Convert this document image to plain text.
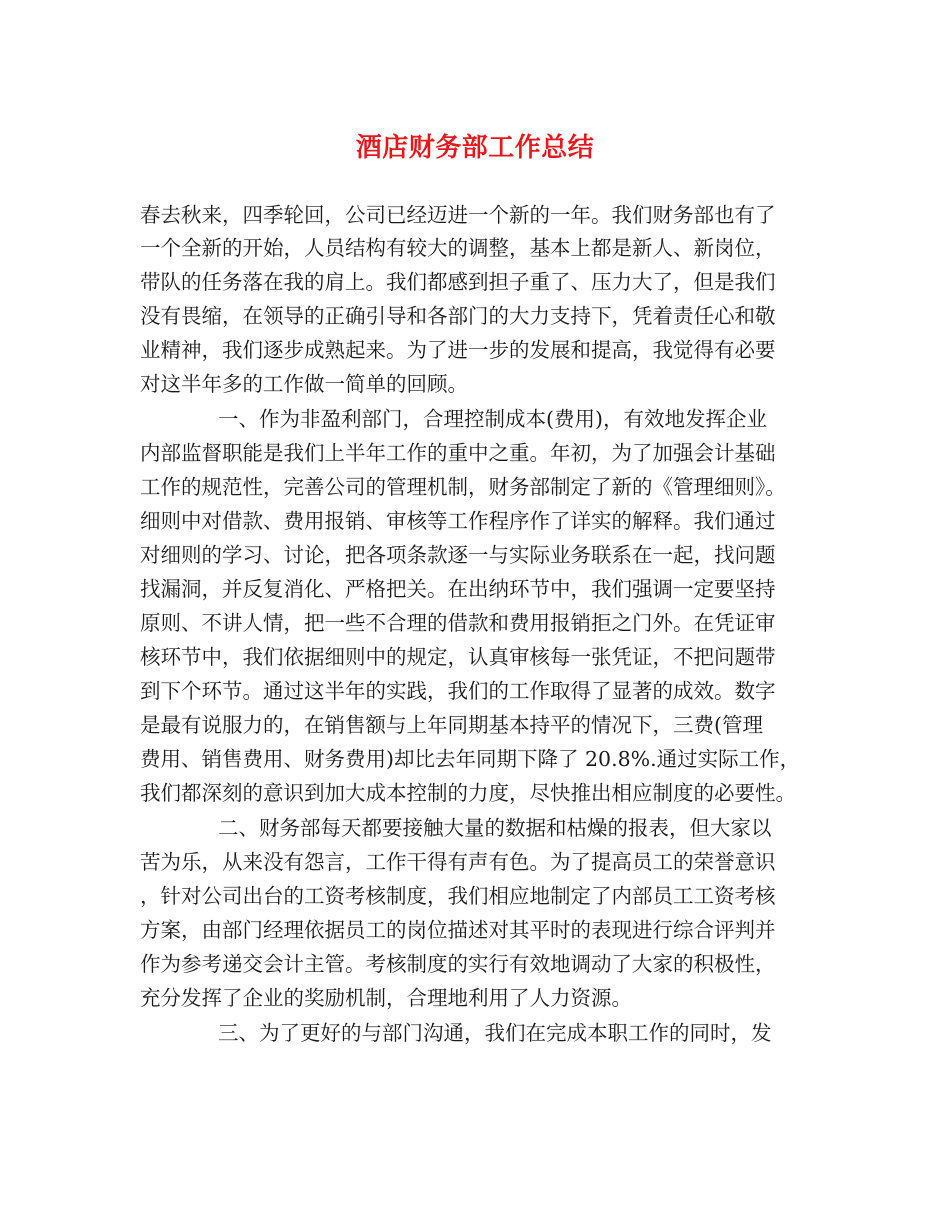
酒店财务部工作总结
春去秋来，四季轮回，公司已经迈进一个新的一年。我们财务部也有了
一个全新的开始，人员结构有较大的调整，基本上都是新人、新岗位，
带队的任务落在我的肩上。我们都感到担子重了、压力大了，但是我们
没有畏缩，在领导的正确引导和各部门的大力支持下，凭着责任心和敬
业精神，我们逐步成熟起来。为了进一步的发展和提高，我觉得有必要
对这半年多的工作做一简单的回顾。
一、作为非盈利部门，合理控制成本(费用)，有效地发挥企业
内部监督职能是我们上半年工作的重中之重。年初，为了加强会计基础
工作的规范性，完善公司的管理机制，财务部制定了新的《管理细则》。
细则中对借款、费用报销、审核等工作程序作了详实的解释。我们通过
对细则的学习、讨论，把各项条款逐一与实际业务联系在一起，找问题
找漏洞，并反复消化、严格把关。在出纳环节中，我们强调一定要坚持
原则、不讲人情，把一些不合理的借款和费用报销拒之门外。在凭证审
核环节中，我们依据细则中的规定，认真审核每一张凭证，不把问题带
到下个环节。通过这半年的实践，我们的工作取得了显著的成效。数字
是最有说服力的，在销售额与上年同期基本持平的情况下，三费(管理
费用、销售费用、财务费用)却比去年同期下降了 20.8%.通过实际工作，
我们都深刻的意识到加大成本控制的力度，尽快推出相应制度的必要性。
二、财务部每天都要接触大量的数据和枯燥的报表，但大家以
苦为乐，从来没有怨言，工作干得有声有色。为了提高员工的荣誉意识
，针对公司出台的工资考核制度，我们相应地制定了内部员工工资考核
方案，由部门经理依据员工的岗位描述对其平时的表现进行综合评判并
作为参考递交会计主管。考核制度的实行有效地调动了大家的积极性，
充分发挥了企业的奖励机制，合理地利用了人力资源。
三、为了更好的与部门沟通，我们在完成本职工作的同时，发
